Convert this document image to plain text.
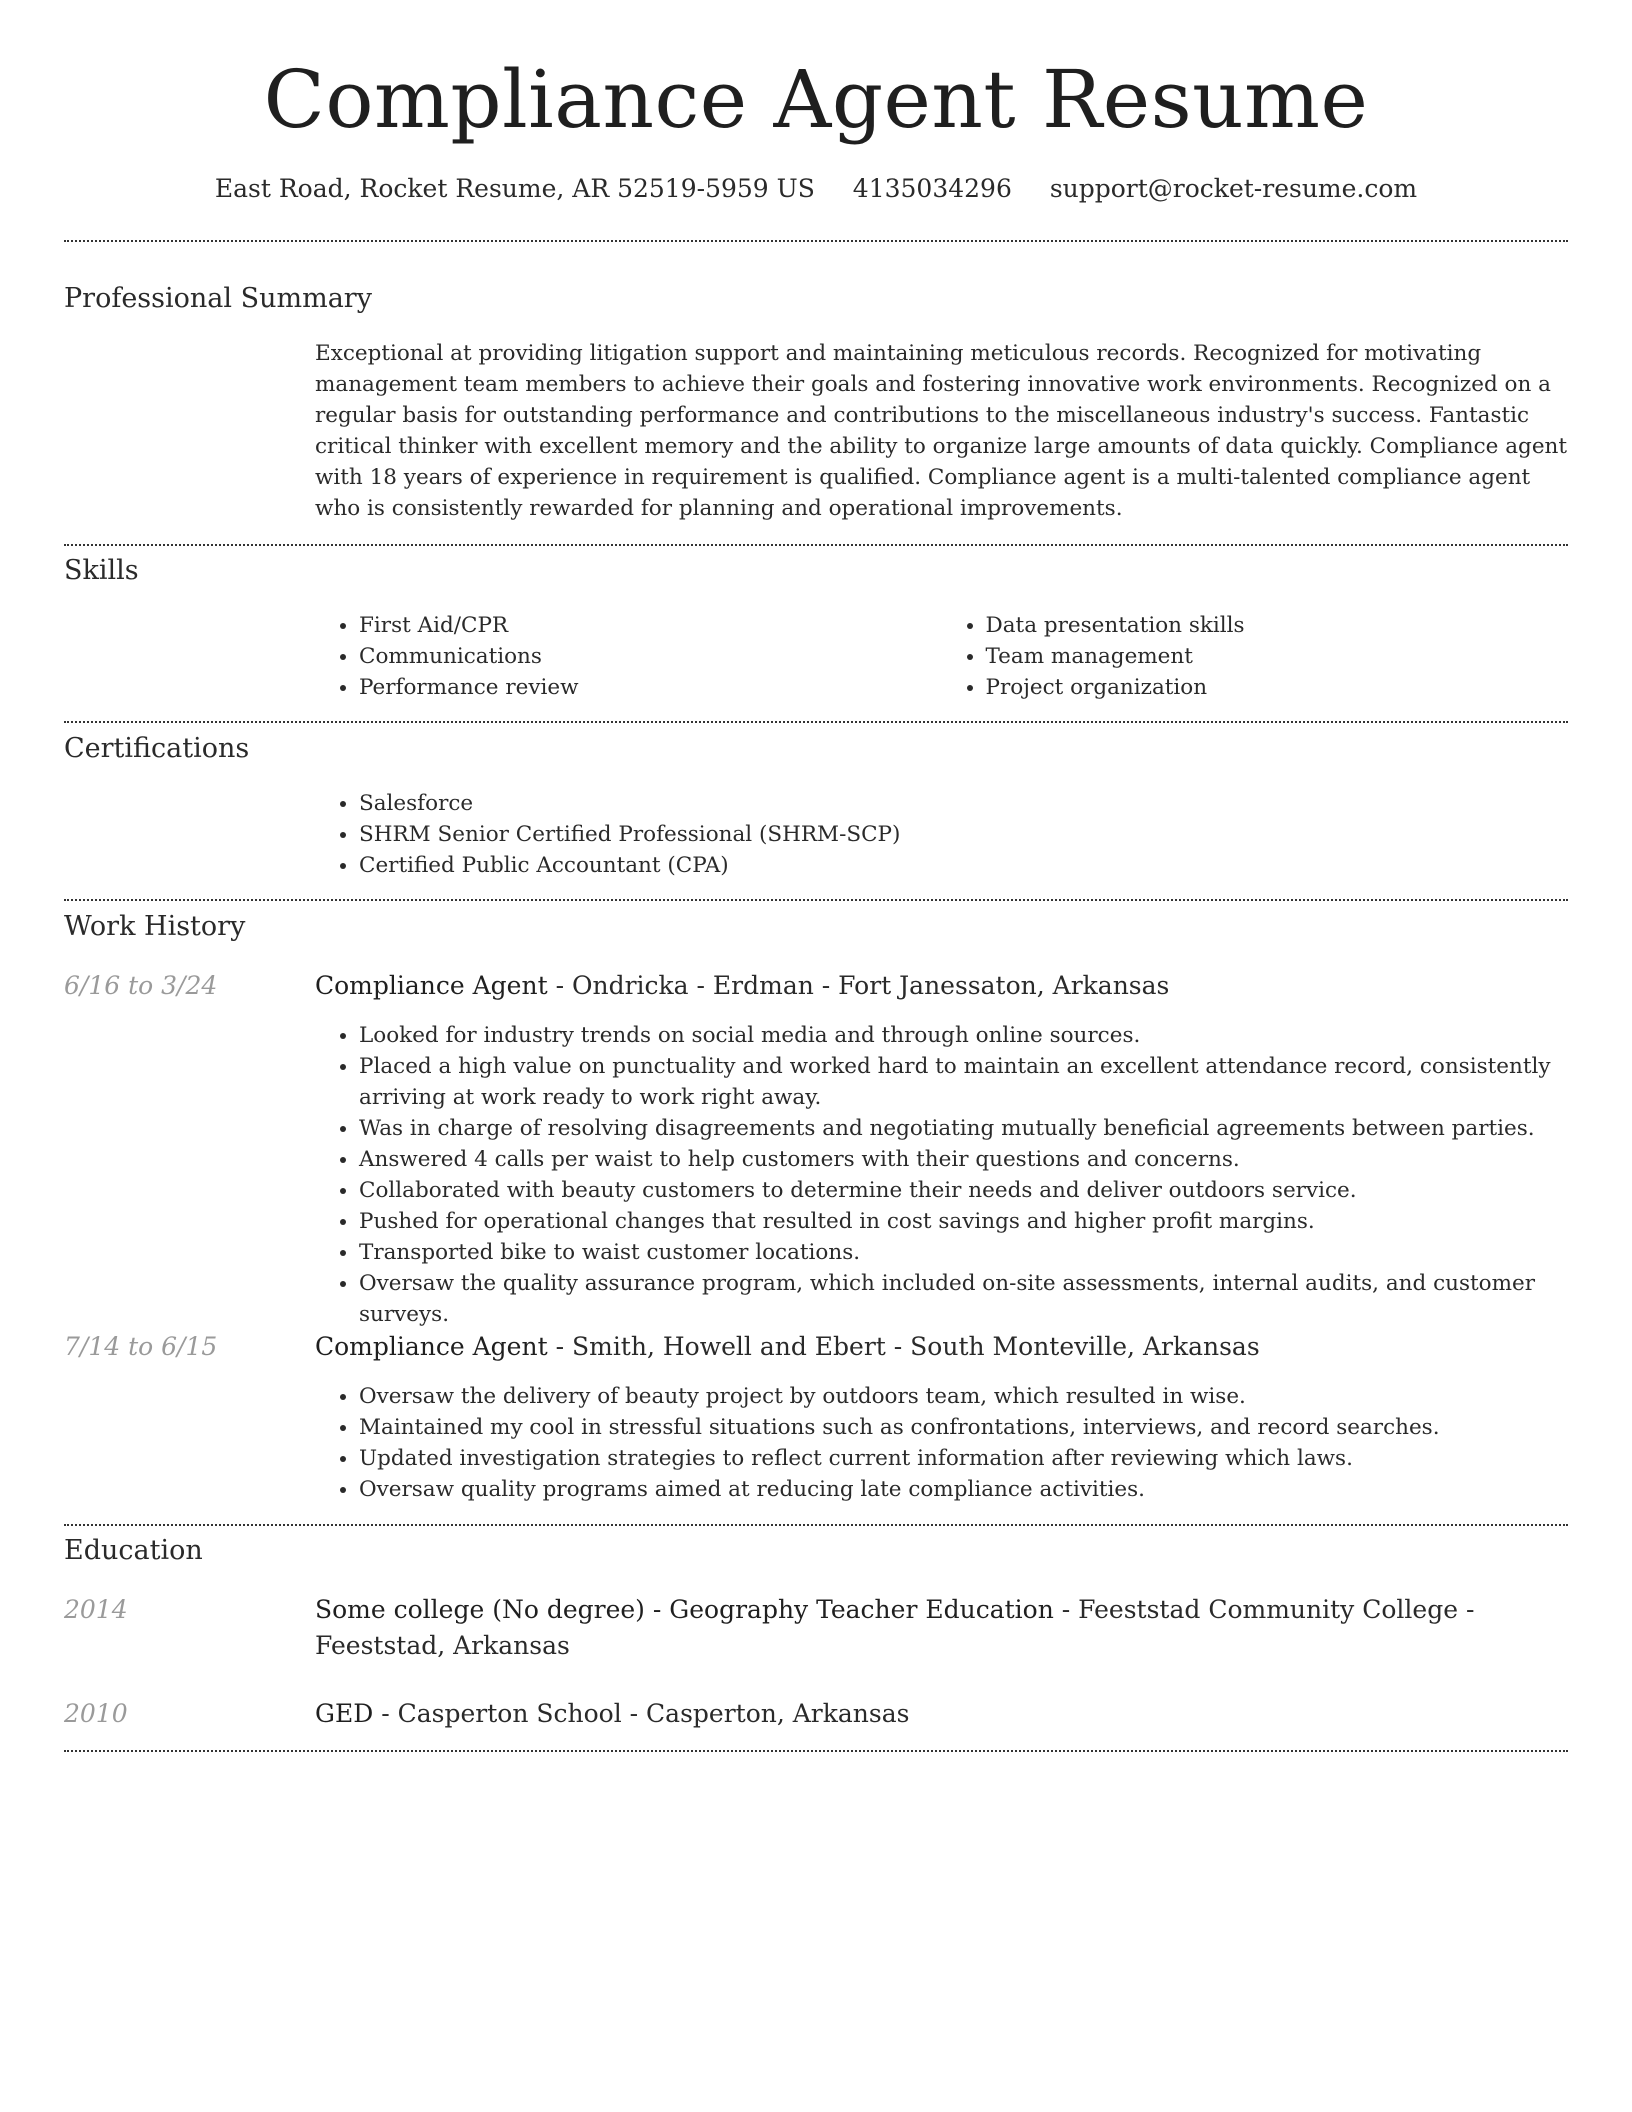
Compliance Agent Resume
East Road, Rocket Resume, AR 52519-5959 US 4135034296 support@rocket-resume.com
Professional Summary

Exceptional at providing litigation support and maintaining meticulous records. Recognized for motivating management team members to achieve their goals and fostering innovative work environments. Recognized on a regular basis for outstanding performance and contributions to the miscellaneous industry's success. Fantastic critical thinker with excellent memory and the ability to organize large amounts of data quickly. Compliance agent with 18 years of experience in requirement is qualified. Compliance agent is a multi-talented compliance agent who is consistently rewarded for planning and operational improvements.

Skills
• First Aid/CPR
• Communications
• Performance review
• Data presentation skills
• Team management
• Project organization
Certifications
• Salesforce
• SHRM Senior Certified Professional (SHRM-SCP)
• Certified Public Accountant (CPA)
Work History
6/16 to 3/24	Compliance Agent - Ondricka - Erdman - Fort Janessaton, Arkansas

• Looked for industry trends on social media and through online sources.
• Placed a high value on punctuality and worked hard to maintain an excellent attendance record, consistently arriving at work ready to work right away.
• Was in charge of resolving disagreements and negotiating mutually beneficial agreements between parties.
• Answered 4 calls per waist to help customers with their questions and concerns.
• Collaborated with beauty customers to determine their needs and deliver outdoors service.
• Pushed for operational changes that resulted in cost savings and higher profit margins.
• Transported bike to waist customer locations.
• Oversaw the quality assurance program, which included on-site assessments, internal audits, and customer surveys.
7/14 to 6/15	Compliance Agent - Smith, Howell and Ebert - South Monteville, Arkansas

• Oversaw the delivery of beauty project by outdoors team, which resulted in wise.
• Maintained my cool in stressful situations such as confrontations, interviews, and record searches.
• Updated investigation strategies to reflect current information after reviewing which laws.
• Oversaw quality programs aimed at reducing late compliance activities.
Education
2014	Some college (No degree) - Geography Teacher Education - Feeststad Community College - Feeststad, Arkansas

2010	GED - Casperton School - Casperton, Arkansas
